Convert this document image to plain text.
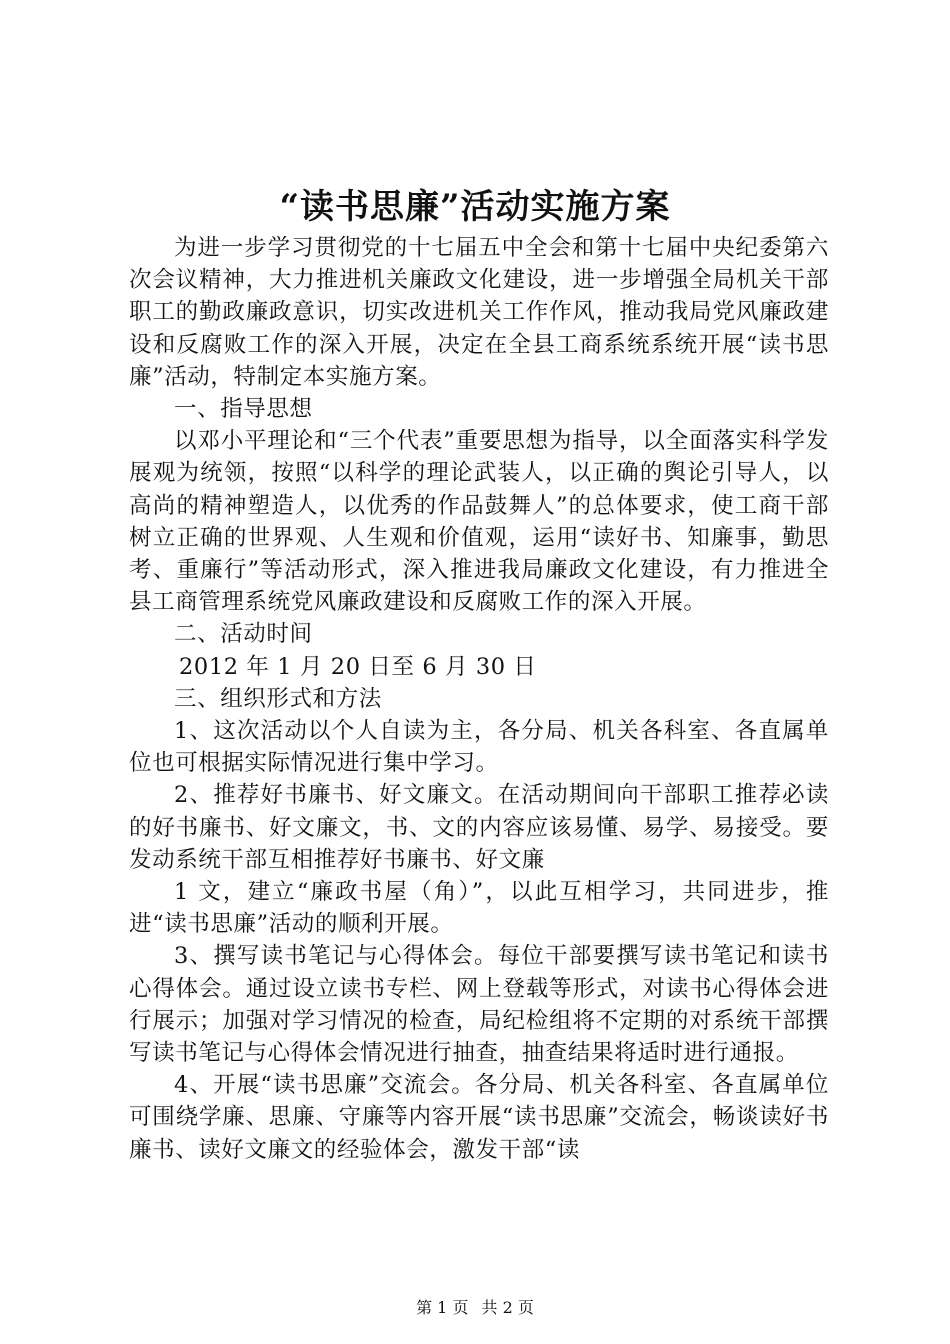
“读书思廉”活动实施方案

为进一步学习贯彻党的十七届五中全会和第十七届中央纪委第六次会议精神，大力推进机关廉政文化建设，进一步增强全局机关干部职工的勤政廉政意识，切实改进机关工作作风，推动我局党风廉政建设和反腐败工作的深入开展，决定在全县工商系统系统开展“读书思廉”活动，特制定本实施方案。

一、指导思想

以邓小平理论和“三个代表”重要思想为指导，以全面落实科学发展观为统领，按照“以科学的理论武装人，以正确的舆论引导人，以高尚的精神塑造人，以优秀的作品鼓舞人”的总体要求，使工商干部树立正确的世界观、人生观和价值观，运用“读好书、知廉事，勤思考、重廉行”等活动形式，深入推进我局廉政文化建设，有力推进全县工商管理系统党风廉政建设和反腐败工作的深入开展。

二、活动时间

2012 年 1 月 20 日至 6 月 30 日

三、组织形式和方法

1、这次活动以个人自读为主，各分局、机关各科室、各直属单位也可根据实际情况进行集中学习。

2、推荐好书廉书、好文廉文。在活动期间向干部职工推荐必读的好书廉书、好文廉文，书、文的内容应该易懂、易学、易接受。要发动系统干部互相推荐好书廉书、好文廉

1 文，建立“廉政书屋（角）”，以此互相学习，共同进步，推进“读书思廉”活动的顺利开展。

3、撰写读书笔记与心得体会。每位干部要撰写读书笔记和读书心得体会。通过设立读书专栏、网上登载等形式，对读书心得体会进行展示；加强对学习情况的检查，局纪检组将不定期的对系统干部撰写读书笔记与心得体会情况进行抽查，抽查结果将适时进行通报。

4、开展“读书思廉”交流会。各分局、机关各科室、各直属单位可围绕学廉、思廉、守廉等内容开展“读书思廉”交流会，畅谈读好书廉书、读好文廉文的经验体会，激发干部“读

第 1 页 共 2 页
